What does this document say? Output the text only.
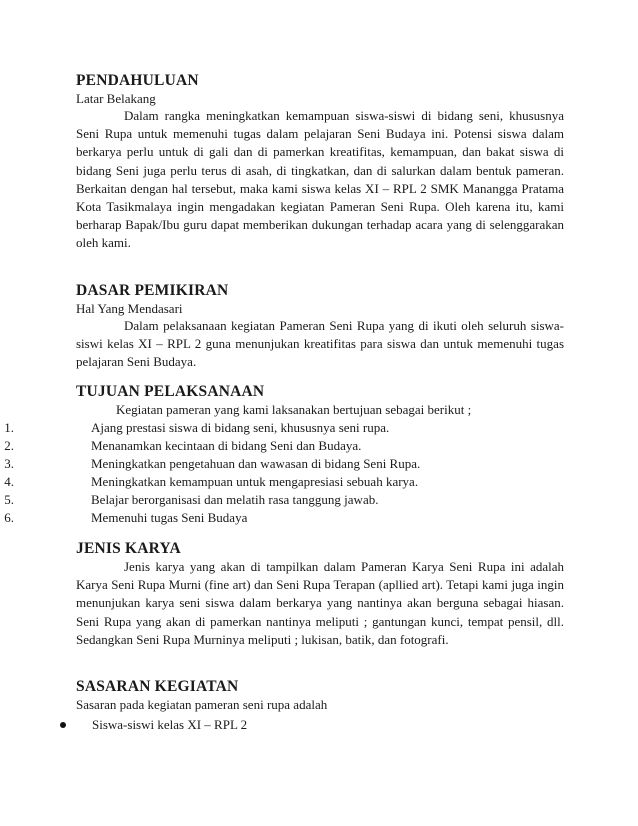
PENDAHULUAN
Latar Belakang

Dalam rangka meningkatkan kemampuan siswa-siswi di bidang seni, khususnya Seni Rupa untuk memenuhi tugas dalam pelajaran Seni Budaya ini. Potensi siswa dalam berkarya perlu untuk di gali dan di pamerkan kreatifitas, kemampuan, dan bakat siswa di bidang Seni juga perlu terus di asah, di tingkatkan, dan di salurkan dalam bentuk pameran. Berkaitan dengan hal tersebut, maka kami siswa kelas XI – RPL 2 SMK Manangga Pratama Kota Tasikmalaya ingin mengadakan kegiatan Pameran Seni Rupa. Oleh karena itu, kami berharap Bapak/Ibu guru dapat memberikan dukungan terhadap acara yang di selenggarakan oleh kami.

DASAR PEMIKIRAN
Hal Yang Mendasari

Dalam pelaksanaan kegiatan Pameran Seni Rupa yang di ikuti oleh seluruh siswa-siswi kelas XI – RPL 2 guna menunjukan kreatifitas para siswa dan untuk memenuhi tugas pelajaran Seni Budaya.

TUJUAN PELAKSANAAN
Kegiatan pameran yang kami laksanakan bertujuan sebagai berikut ;
1.	Ajang prestasi siswa di bidang seni, khususnya seni rupa.
2.	Menanamkan kecintaan di bidang Seni dan Budaya.
3.	Meningkatkan pengetahuan dan wawasan di bidang Seni Rupa.
4.	Meningkatkan kemampuan untuk mengapresiasi sebuah karya.
5.	Belajar berorganisasi dan melatih rasa tanggung jawab.
6.	Memenuhi tugas Seni Budaya
JENIS KARYA

Jenis karya yang akan di tampilkan dalam Pameran Karya Seni Rupa ini adalah Karya Seni Rupa Murni (fine art) dan Seni Rupa Terapan (apllied art). Tetapi kami juga ingin menunjukan karya seni siswa dalam berkarya yang nantinya akan berguna sebagai hiasan. Seni Rupa yang akan di pamerkan nantinya meliputi ; gantungan kunci, tempat pensil, dll. Sedangkan Seni Rupa Murninya meliputi ; lukisan, batik, dan fotografi.

SASARAN KEGIATAN
Sasaran pada kegiatan pameran seni rupa adalah
Siswa-siswi kelas XI – RPL 2
